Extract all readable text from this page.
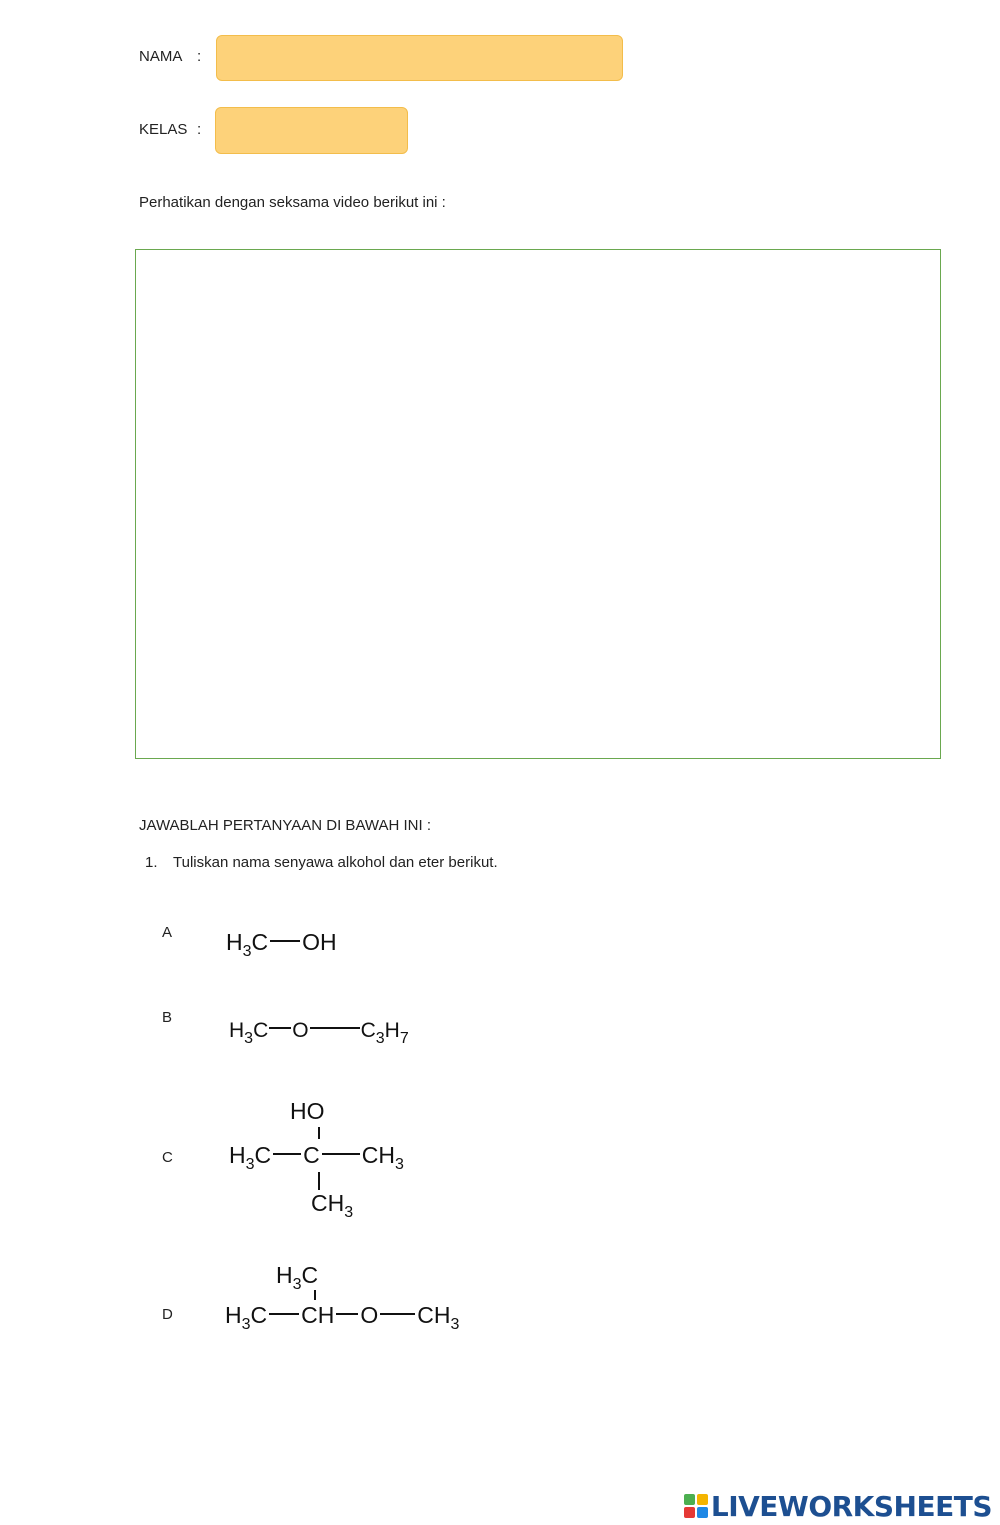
NAMA :
KELAS :
Perhatikan dengan seksama video berikut ini :
JAWABLAH PERTANYAAN DI BAWAH INI :
1. Tuliskan nama senyawa alkohol dan eter berikut.
A $H_3C$ OH
B
$H_3C$ O $C_3H_7$
C
HO
$H_3C$ C $CH_3$
$CH_3$
D
$H_3C$
$H_3C$ CH O $CH_3$
LIVEWORKSHEETS
